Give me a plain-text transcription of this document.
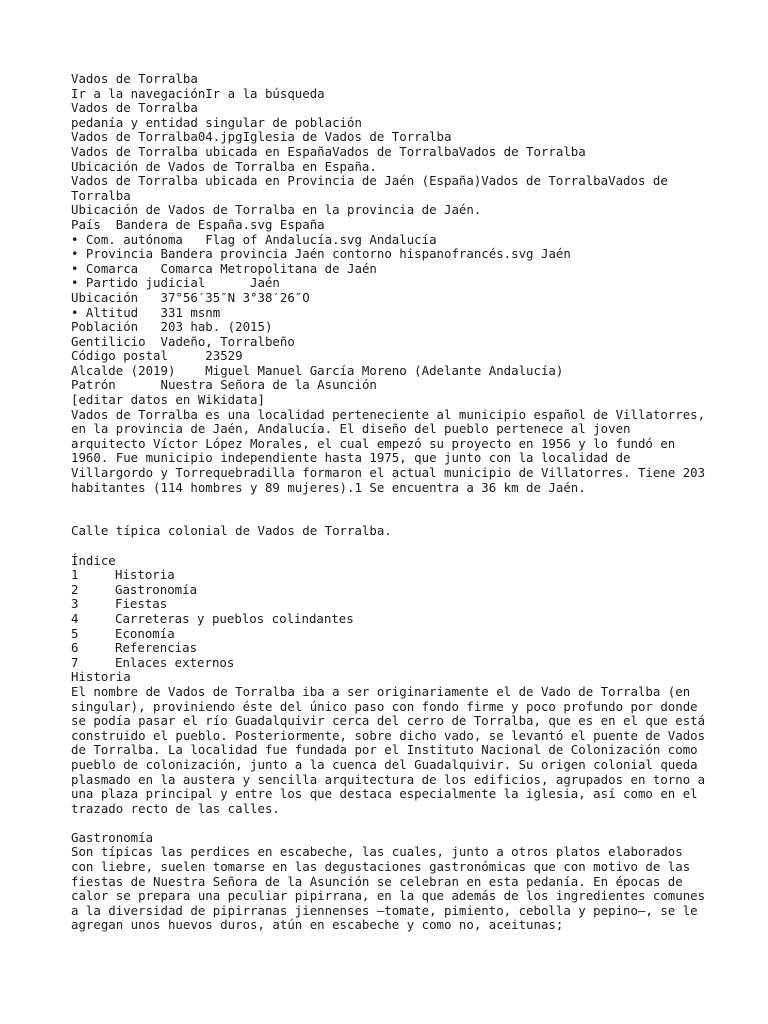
Vados de Torralba
Ir a la navegaciónIr a la búsqueda
Vados de Torralba
pedanía y entidad singular de población
Vados de Torralba04.jpgIglesia de Vados de Torralba
Vados de Torralba ubicada en EspañaVados de TorralbaVados de Torralba
Ubicación de Vados de Torralba en España.
Vados de Torralba ubicada en Provincia de Jaén (España)Vados de TorralbaVados de Torralba
Ubicación de Vados de Torralba en la provincia de Jaén.
País Bandera de España.svg España
• Com. autónoma Flag of Andalucía.svg Andalucía
• Provincia Bandera provincia Jaén contorno hispanofrancés.svg Jaén
• Comarca Comarca Metropolitana de Jaén
• Partido judicial	Jaén
Ubicación 37°56′35″N 3°38′26″O
• Altitud 331 msnm
Población 203 hab. (2015)
Gentilicio Vadeño, Torralbeño
Código postal	23529
Alcalde (2019) Miguel Manuel García Moreno (Adelante Andalucía)
Patrón	Nuestra Señora de la Asunción
[editar datos en Wikidata]
Vados de Torralba es una localidad perteneciente al municipio español de Villatorres, en la provincia de Jaén, Andalucía. El diseño del pueblo pertenece al joven arquitecto Víctor López Morales, el cual empezó su proyecto en 1956 y lo fundó en 1960. Fue municipio independiente hasta 1975, que junto con la localidad de Villargordo y Torrequebradilla formaron el actual municipio de Villatorres. Tiene 203 habitantes (114 hombres y 89 mujeres).1 Se encuentra a 36 km de Jaén.
Calle típica colonial de Vados de Torralba.
Índice
1	Historia
2	Gastronomía
3	Fiestas
4	Carreteras y pueblos colindantes
5	Economía
6	Referencias
7	Enlaces externos
Historia
El nombre de Vados de Torralba iba a ser originariamente el de Vado de Torralba (en singular), proviniendo éste del único paso con fondo firme y poco profundo por donde se podía pasar el río Guadalquivir cerca del cerro de Torralba, que es en el que está construido el pueblo. Posteriormente, sobre dicho vado, se levantó el puente de Vados de Torralba. La localidad fue fundada por el Instituto Nacional de Colonización como pueblo de colonización, junto a la cuenca del Guadalquivir. Su origen colonial queda plasmado en la austera y sencilla arquitectura de los edificios, agrupados en torno a una plaza principal y entre los que destaca especialmente la iglesia, así como en el trazado recto de las calles.
Gastronomía
Son típicas las perdices en escabeche, las cuales, junto a otros platos elaborados con liebre, suelen tomarse en las degustaciones gastronómicas que con motivo de las fiestas de Nuestra Señora de la Asunción se celebran en esta pedanía. En épocas de calor se prepara una peculiar pipirrana, en la que además de los ingredientes comunes a la diversidad de pipirranas jiennenses –tomate, pimiento, cebolla y pepino–, se le agregan unos huevos duros, atún en escabeche y como no, aceitunas;
